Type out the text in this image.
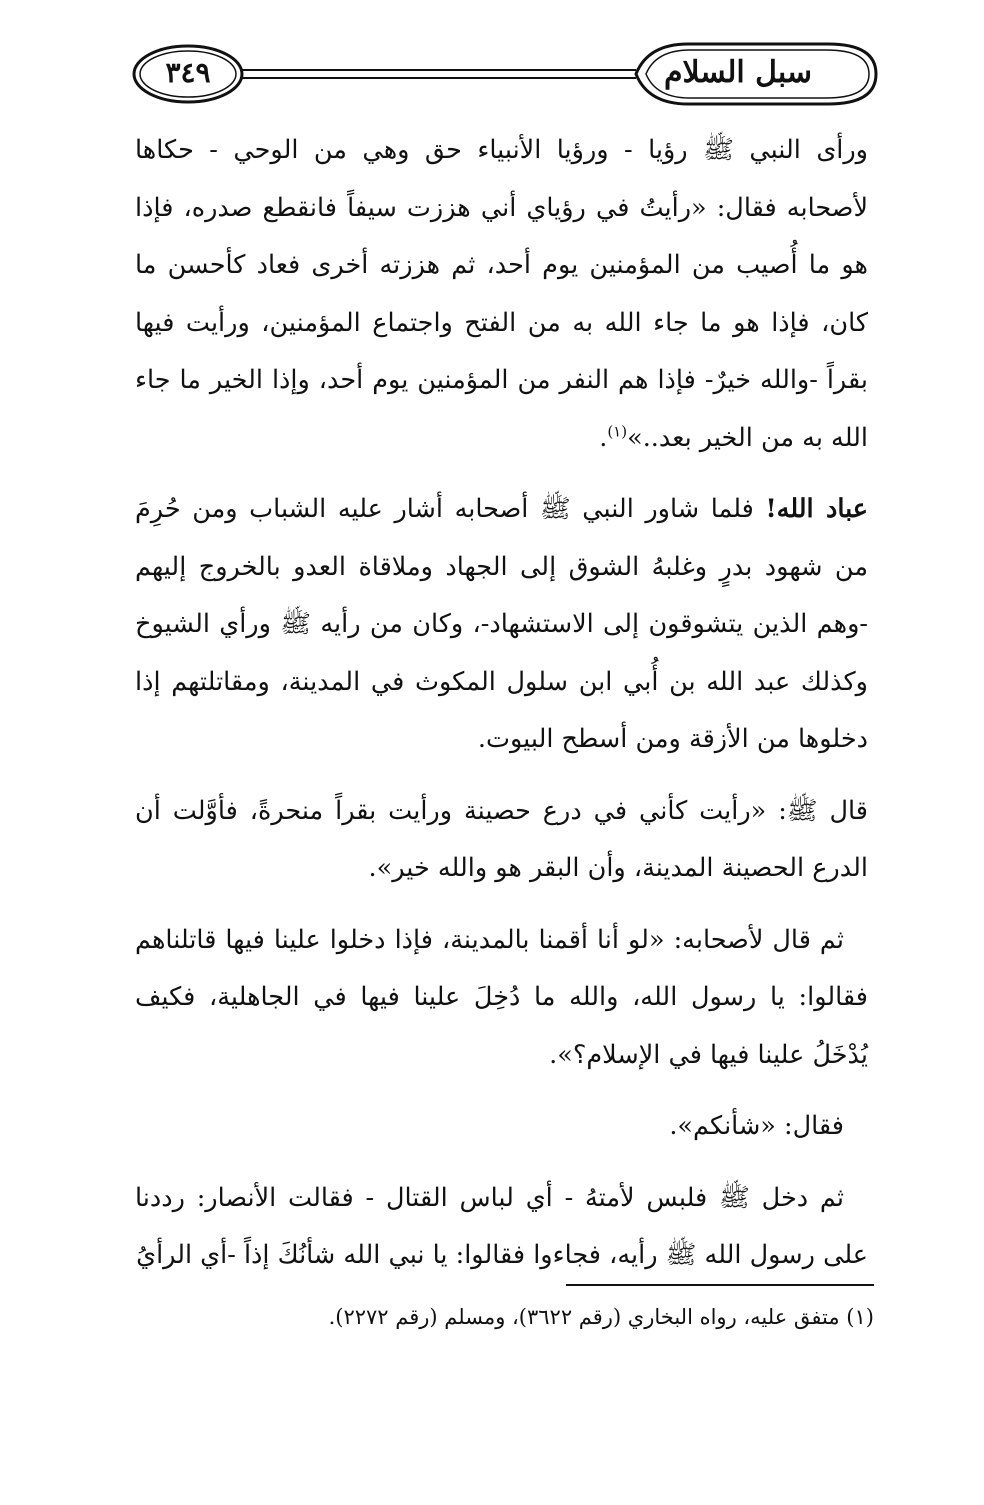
سبل السلام
٣٤٩

ورأى النبي ﷺ رؤيا - ورؤيا الأنبياء حق وهي من الوحي - حكاها لأصحابه فقال: «رأيتُ في رؤياي أني هززت سيفاً فانقطع صدره، فإذا هو ما أُصيب من المؤمنين يوم أحد، ثم هززته أخرى فعاد كأحسن ما كان، فإذا هو ما جاء الله به من الفتح واجتماع المؤمنين، ورأيت فيها بقراً -والله خيرٌ- فإذا هم النفر من المؤمنين يوم أحد، وإذا الخير ما جاء الله به من الخير بعد..»$^{(١)}$.

عباد الله! فلما شاور النبي ﷺ أصحابه أشار عليه الشباب ومن حُرِمَ من شهود بدرٍ وغلبهُ الشوق إلى الجهاد وملاقاة العدو بالخروج إليهم -وهم الذين يتشوقون إلى الاستشهاد-، وكان من رأيه ﷺ ورأي الشيوخ وكذلك عبد الله بن أُبي ابن سلول المكوث في المدينة، ومقاتلتهم إذا دخلوها من الأزقة ومن أسطح البيوت.

قال ﷺ: «رأيت كأني في درع حصينة ورأيت بقراً منحرةً، فأوَّلت أن الدرع الحصينة المدينة، وأن البقر هو والله خير».

ثم قال لأصحابه: «لو أنا أقمنا بالمدينة، فإذا دخلوا علينا فيها قاتلناهم فقالوا: يا رسول الله، والله ما دُخِلَ علينا فيها في الجاهلية، فكيف يُدْخَلُ علينا فيها في الإسلام؟».

فقال: «شأنكم».

ثم دخل ﷺ فلبس لأمتهُ - أي لباس القتال - فقالت الأنصار: رددنا على رسول الله ﷺ رأيه، فجاءوا فقالوا: يا نبي الله شأنُكَ إذاً -أي الرأيُ

(١) متفق عليه، رواه البخاري (رقم ٣٦٢٢)، ومسلم (رقم ٢٢٧٢).
